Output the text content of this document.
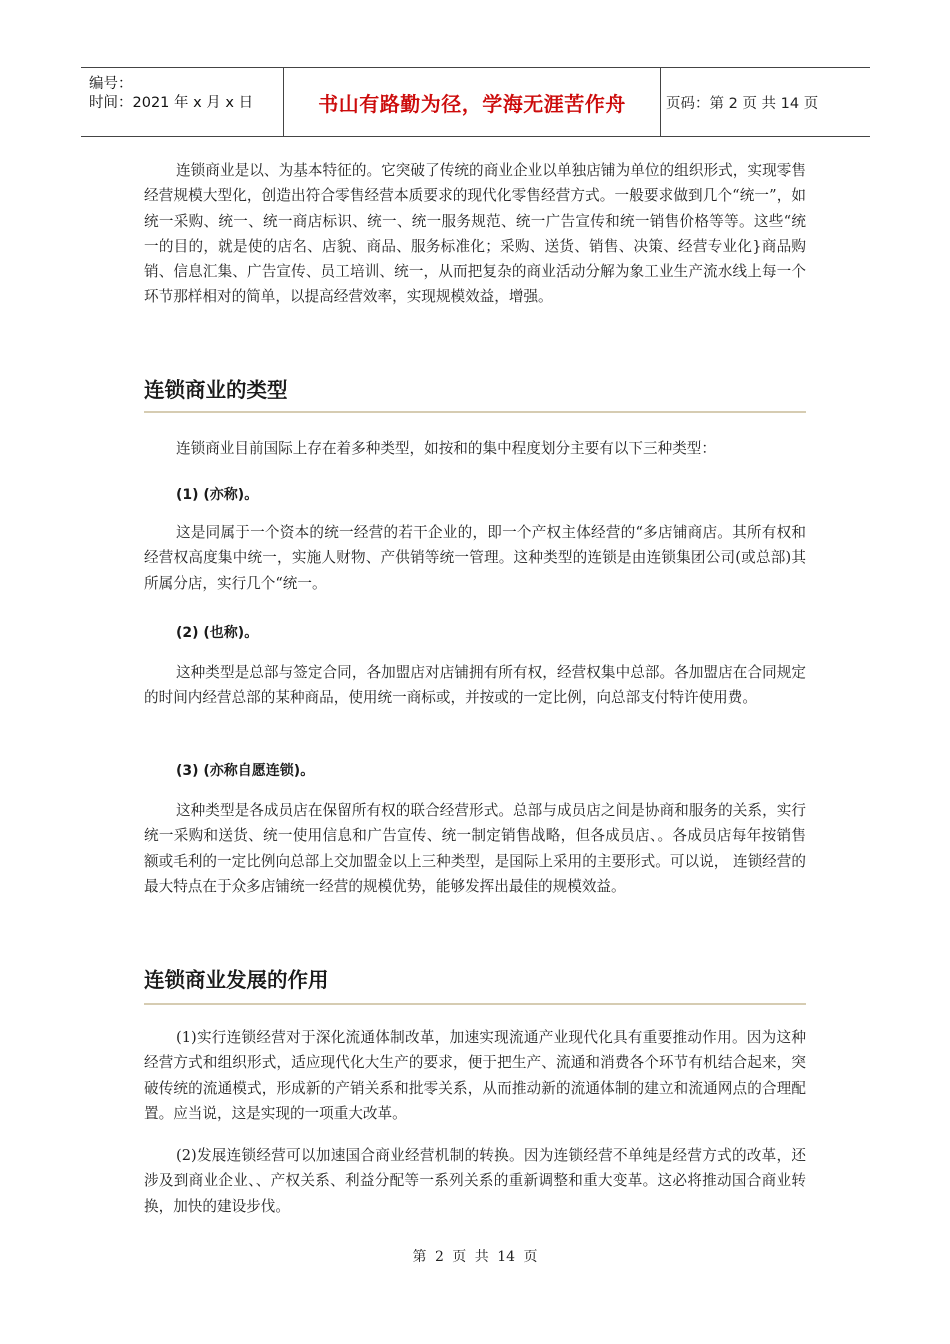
编号：
时间：2021 年 x 月 x 日	书山有路勤为径，学海无涯苦作舟	页码：第 2 页 共 14 页

连锁商业是以、为基本特征的。它突破了传统的商业企业以单独店铺为单位的组织形式，实现零售经营规模大型化，创造出符合零售经营本质要求的现代化零售经营方式。一般要求做到几个“统一”，如统一采购、统一、统一商店标识、统一、统一服务规范、统一广告宣传和统一销售价格等等。这些“统一的目的，就是使的店名、店貌、商品、服务标准化；采购、送货、销售、决策、经营专业化}商品购销、信息汇集、广告宣传、员工培训、统一，从而把复杂的商业活动分解为象工业生产流水线上每一个环节那样相对的简单，以提高经营效率，实现规模效益，增强。

连锁商业的类型

连锁商业目前国际上存在着多种类型，如按和的集中程度划分主要有以下三种类型：

(1) (亦称)。

这是同属于一个资本的统一经营的若干企业的，即一个产权主体经营的“多店铺商店。其所有权和经营权高度集中统一，实施人财物、产供销等统一管理。这种类型的连锁是由连锁集团公司(或总部)其所属分店，实行几个“统一。

(2) (也称)。

这种类型是总部与签定合同，各加盟店对店铺拥有所有权，经营权集中总部。各加盟店在合同规定的时间内经营总部的某种商品，使用统一商标或，并按或的一定比例，向总部支付特许使用费。

(3) (亦称自愿连锁)。

这种类型是各成员店在保留所有权的联合经营形式。总部与成员店之间是协商和服务的关系，实行统一采购和送货、统一使用信息和广告宣传、统一制定销售战略，但各成员店、。各成员店每年按销售额或毛利的一定比例向总部上交加盟金以上三种类型，是国际上采用的主要形式。可以说， 连锁经营的最大特点在于众多店铺统一经营的规模优势，能够发挥出最佳的规模效益。

连锁商业发展的作用

(1)实行连锁经营对于深化流通体制改革，加速实现流通产业现代化具有重要推动作用。因为这种经营方式和组织形式，适应现代化大生产的要求，便于把生产、流通和消费各个环节有机结合起来，突破传统的流通模式，形成新的产销关系和批零关系，从而推动新的流通体制的建立和流通网点的合理配置。应当说，这是实现的一项重大改革。

(2)发展连锁经营可以加速国合商业经营机制的转换。因为连锁经营不单纯是经营方式的改革，还涉及到商业企业、、产权关系、利益分配等一系列关系的重新调整和重大变革。这必将推动国合商业转换，加快的建设步伐。

第 2 页 共 14 页
